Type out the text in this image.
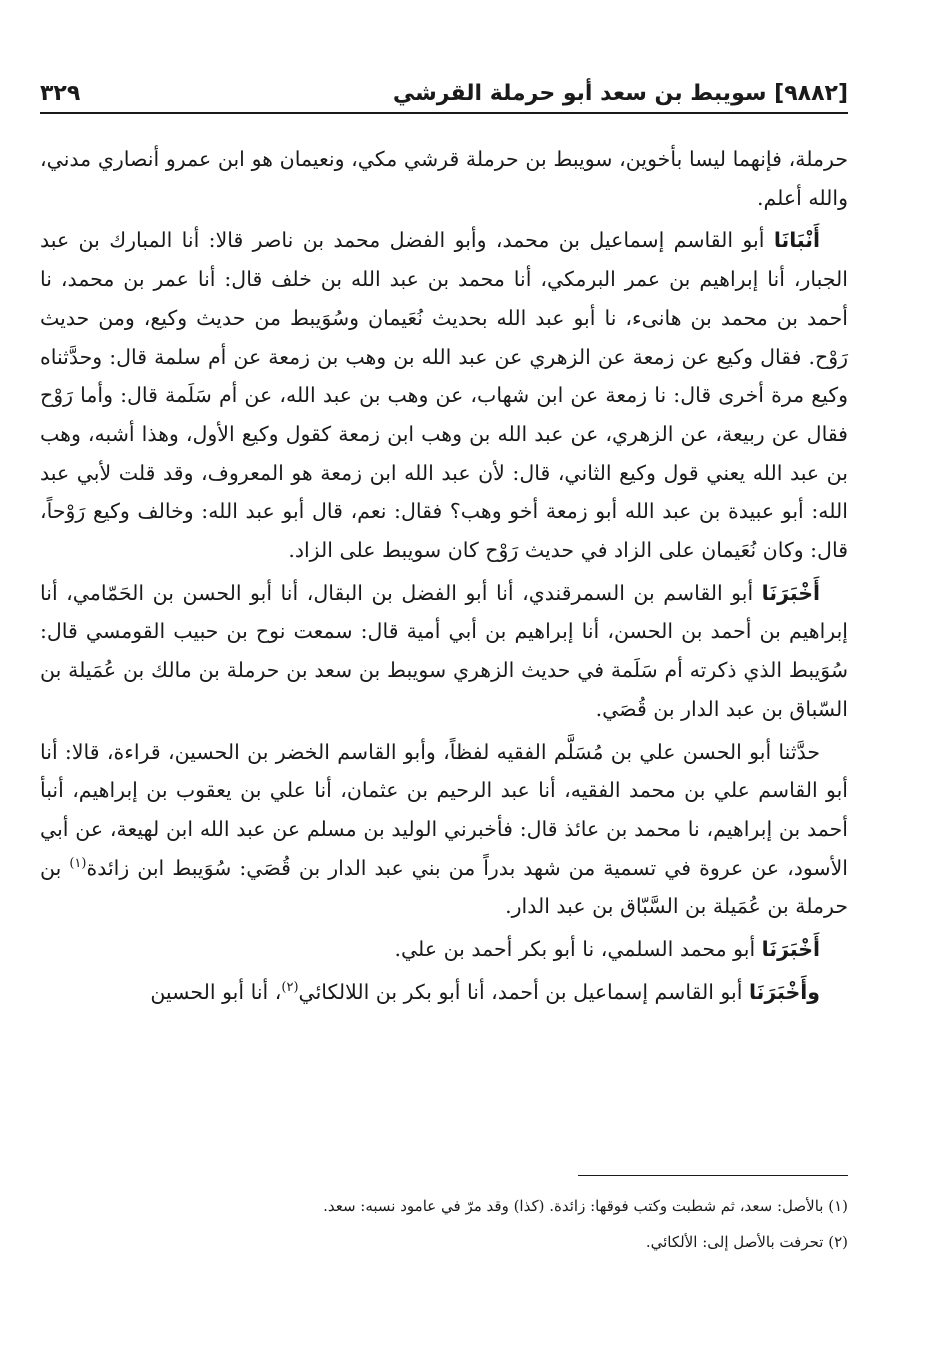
[٩٨٨٢] سويبط بن سعد أبو حرملة القرشي
٣٢٩

حرملة، فإنهما ليسا بأخوين، سويبط بن حرملة قرشي مكي، ونعيمان هو ابن عمرو أنصاري مدني، والله أعلم.

أَنْبَانَا أبو القاسم إسماعيل بن محمد، وأبو الفضل محمد بن ناصر قالا: أنا المبارك بن عبد الجبار، أنا إبراهيم بن عمر البرمكي، أنا محمد بن عبد الله بن خلف قال: أنا عمر بن محمد، نا أحمد بن محمد بن هانىء، نا أبو عبد الله بحديث نُعَيمان وسُوَيبط من حديث وكيع، ومن حديث رَوْح. فقال وكيع عن زمعة عن الزهري عن عبد الله بن وهب بن زمعة عن أم سلمة قال: وحدَّثناه وكيع مرة أخرى قال: نا زمعة عن ابن شهاب، عن وهب بن عبد الله، عن أم سَلَمة قال: وأما رَوْح فقال عن ربيعة، عن الزهري، عن عبد الله بن وهب ابن زمعة كقول وكيع الأول، وهذا أشبه، وهب بن عبد الله يعني قول وكيع الثاني، قال: لأن عبد الله ابن زمعة هو المعروف، وقد قلت لأبي عبد الله: أبو عبيدة بن عبد الله أبو زمعة أخو وهب؟ فقال: نعم، قال أبو عبد الله: وخالف وكيع رَوْحاً، قال: وكان نُعَيمان على الزاد في حديث رَوْح كان سويبط على الزاد.

أَخْبَرَنَا أبو القاسم بن السمرقندي، أنا أبو الفضل بن البقال، أنا أبو الحسن بن الحَمّامي، أنا إبراهيم بن أحمد بن الحسن، أنا إبراهيم بن أبي أمية قال: سمعت نوح بن حبيب القومسي قال: سُوَيبط الذي ذكرته أم سَلَمة في حديث الزهري سويبط بن سعد بن حرملة بن مالك بن عُمَيلة بن السّباق بن عبد الدار بن قُصَي.

حدَّثنا أبو الحسن علي بن مُسَلَّم الفقيه لفظاً، وأبو القاسم الخضر بن الحسين، قراءة، قالا: أنا أبو القاسم علي بن محمد الفقيه، أنا عبد الرحيم بن عثمان، أنا علي بن يعقوب بن إبراهيم، أنبأ أحمد بن إبراهيم، نا محمد بن عائذ قال: فأخبرني الوليد بن مسلم عن عبد الله ابن لهيعة، عن أبي الأسود، عن عروة في تسمية من شهد بدراً من بني عبد الدار بن قُصَي: سُوَيبط ابن زائدة$^{(١)}$ بن حرملة بن عُمَيلة بن السَّبّاق بن عبد الدار.

أَخْبَرَنَا أبو محمد السلمي، نا أبو بكر أحمد بن علي.

وأَخْبَرَنَا أبو القاسم إسماعيل بن أحمد، أنا أبو بكر بن اللالكائي$^{(٢)}$، أنا أبو الحسين

(١) بالأصل: سعد، ثم شطبت وكتب فوقها: زائدة. (كذا) وقد مرّ في عامود نسبه: سعد.

(٢) تحرفت بالأصل إلى: الألكائي.
